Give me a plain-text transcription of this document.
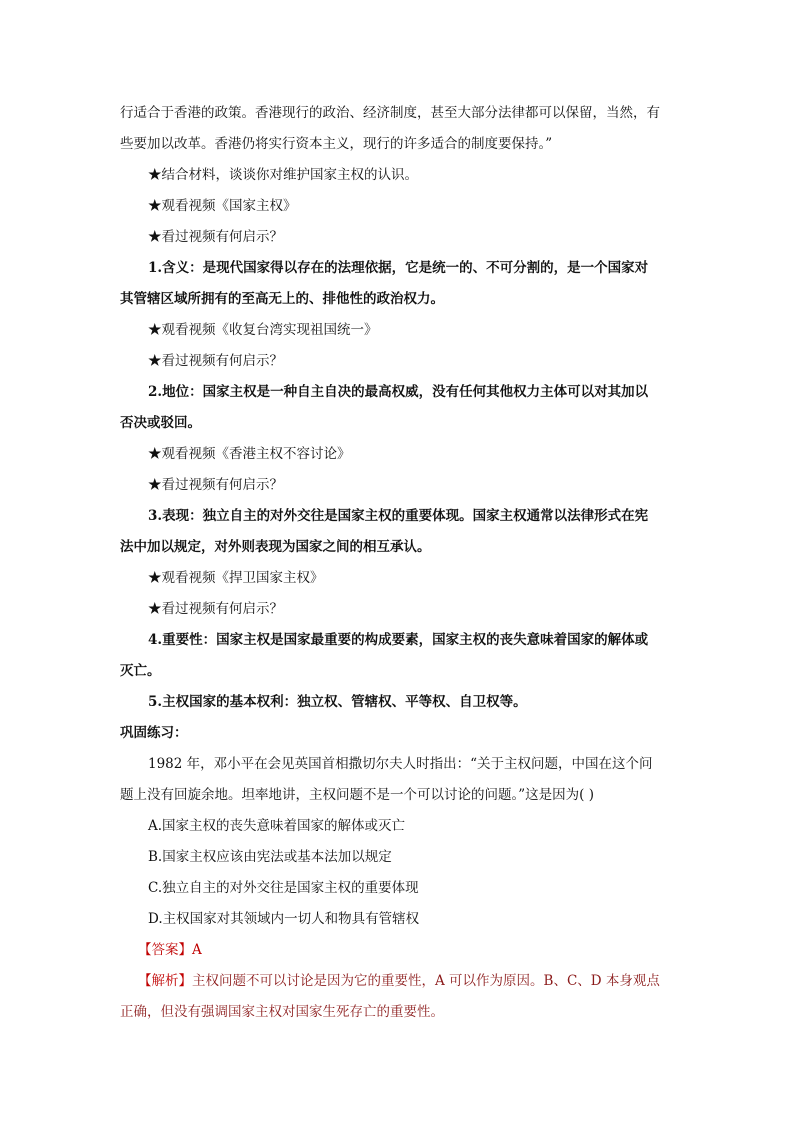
行适合于香港的政策。香港现行的政治、经济制度，甚至大部分法律都可以保留，当然，有
些要加以改革。香港仍将实行资本主义，现行的许多适合的制度要保持。”
★结合材料，谈谈你对维护国家主权的认识。
★观看视频《国家主权》
★看过视频有何启示？
1.含义：是现代国家得以存在的法理依据，它是统一的、不可分割的，是一个国家对
其管辖区域所拥有的至高无上的、排他性的政治权力。
★观看视频《收复台湾实现祖国统一》
★看过视频有何启示？
2.地位：国家主权是一种自主自决的最高权威，没有任何其他权力主体可以对其加以
否决或驳回。
★观看视频《香港主权不容讨论》
★看过视频有何启示？
3.表现：独立自主的对外交往是国家主权的重要体现。国家主权通常以法律形式在宪
法中加以规定，对外则表现为国家之间的相互承认。
★观看视频《捍卫国家主权》
★看过视频有何启示？
4.重要性：国家主权是国家最重要的构成要素，国家主权的丧失意味着国家的解体或
灭亡。
5.主权国家的基本权利：独立权、管辖权、平等权、自卫权等。
巩固练习：
1982 年，邓小平在会见英国首相撒切尔夫人时指出：“关于主权问题，中国在这个问
题上没有回旋余地。坦率地讲，主权问题不是一个可以讨论的问题。”这是因为( )
A.国家主权的丧失意味着国家的解体或灭亡
B.国家主权应该由宪法或基本法加以规定
C.独立自主的对外交往是国家主权的重要体现
D.主权国家对其领域内一切人和物具有管辖权
【答案】A
【解析】主权问题不可以讨论是因为它的重要性，A 可以作为原因。B、C、D 本身观点
正确，但没有强调国家主权对国家生死存亡的重要性。
